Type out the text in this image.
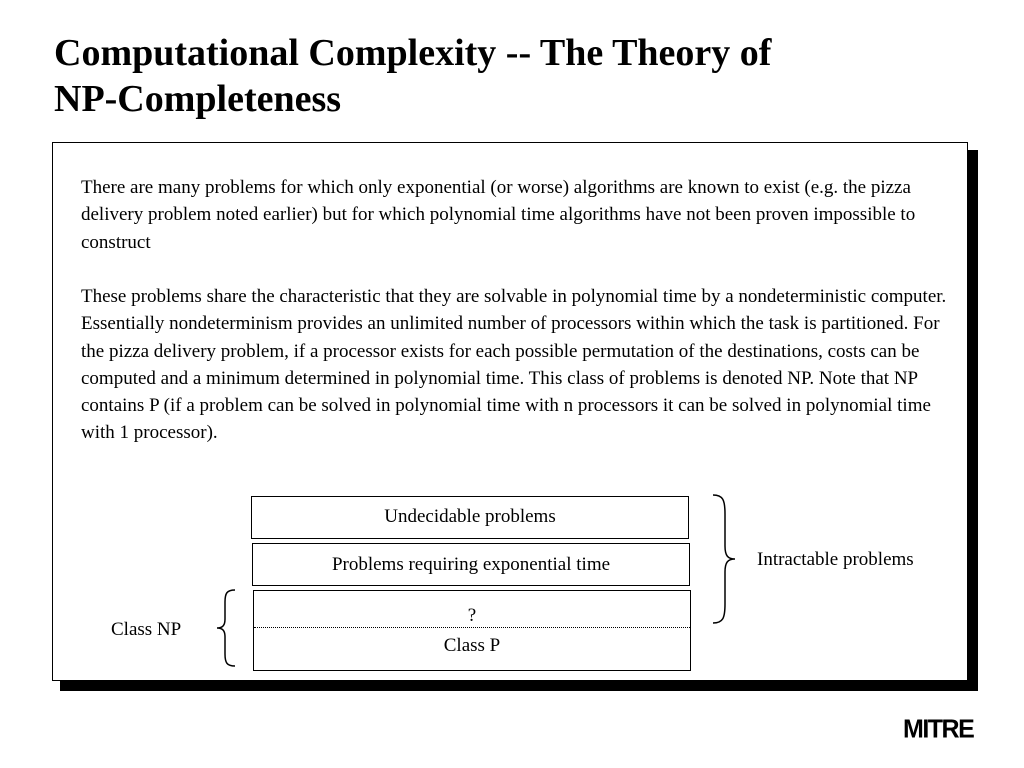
Computational Complexity -- The Theory of
NP-Completeness

There are many problems for which only exponential (or worse) algorithms are known to exist (e.g. the pizza delivery problem noted earlier) but for which polynomial time algorithms have not been proven impossible to construct

These problems share the characteristic that they are solvable in polynomial time by a nondeterministic computer. Essentially nondeterminism provides an unlimited number of processors within which the task is partitioned. For the pizza delivery problem, if a processor exists for each possible permutation of the destinations, costs can be computed and a minimum determined in polynomial time. This class of problems is denoted NP. Note that NP contains P (if a problem can be solved in polynomial time with n processors it can be solved in polynomial time with 1 processor).

Undecidable problems
Problems requiring exponential time
?
Class P
Intractable problems
Class NP
MITRE
